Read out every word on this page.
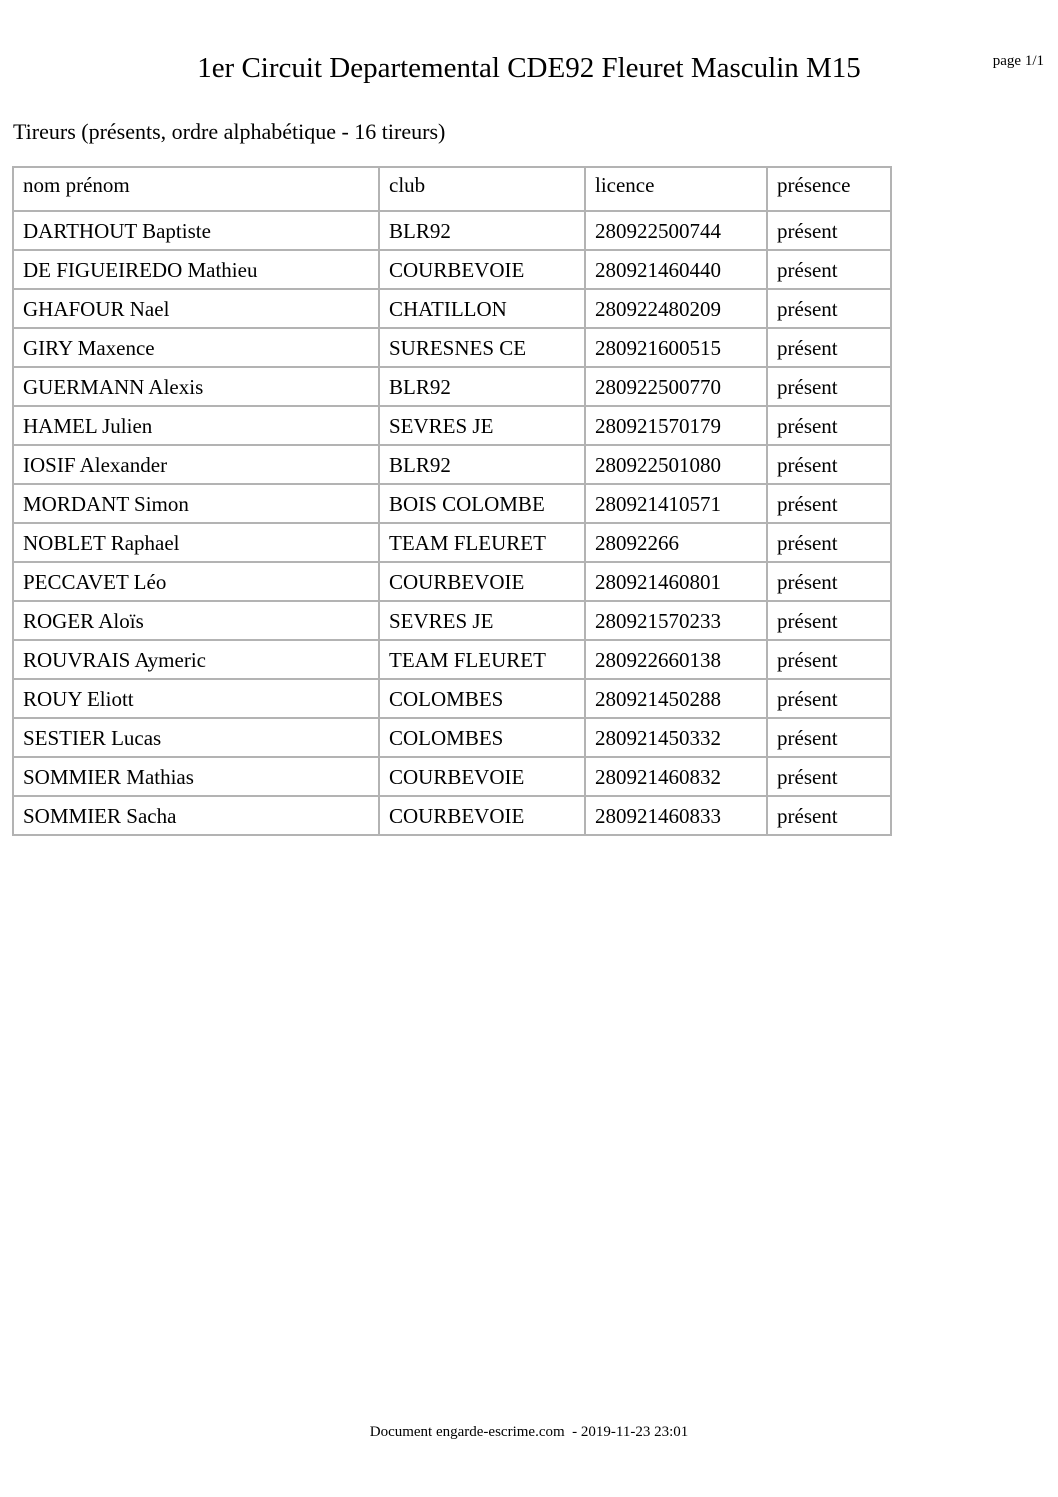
1er Circuit Departemental CDE92 Fleuret Masculin M15	page 1/1
Tireurs (présents, ordre alphabétique - 16 tireurs)
nom prénom	club	licence	présence
DARTHOUT Baptiste	BLR92	280922500744	présent
DE FIGUEIREDO Mathieu	COURBEVOIE	280921460440	présent
GHAFOUR Nael	CHATILLON	280922480209	présent
GIRY Maxence	SURESNES CE	280921600515	présent
GUERMANN Alexis	BLR92	280922500770	présent
HAMEL Julien	SEVRES JE	280921570179	présent
IOSIF Alexander	BLR92	280922501080	présent
MORDANT Simon	BOIS COLOMBE	280921410571	présent
NOBLET Raphael	TEAM FLEURET	28092266	présent
PECCAVET Léo	COURBEVOIE	280921460801	présent
ROGER Aloïs	SEVRES JE	280921570233	présent
ROUVRAIS Aymeric	TEAM FLEURET	280922660138	présent
ROUY Eliott	COLOMBES	280921450288	présent
SESTIER Lucas	COLOMBES	280921450332	présent
SOMMIER Mathias	COURBEVOIE	280921460832	présent
SOMMIER Sacha	COURBEVOIE	280921460833	présent
Document engarde-escrime.com  - 2019-11-23 23:01
